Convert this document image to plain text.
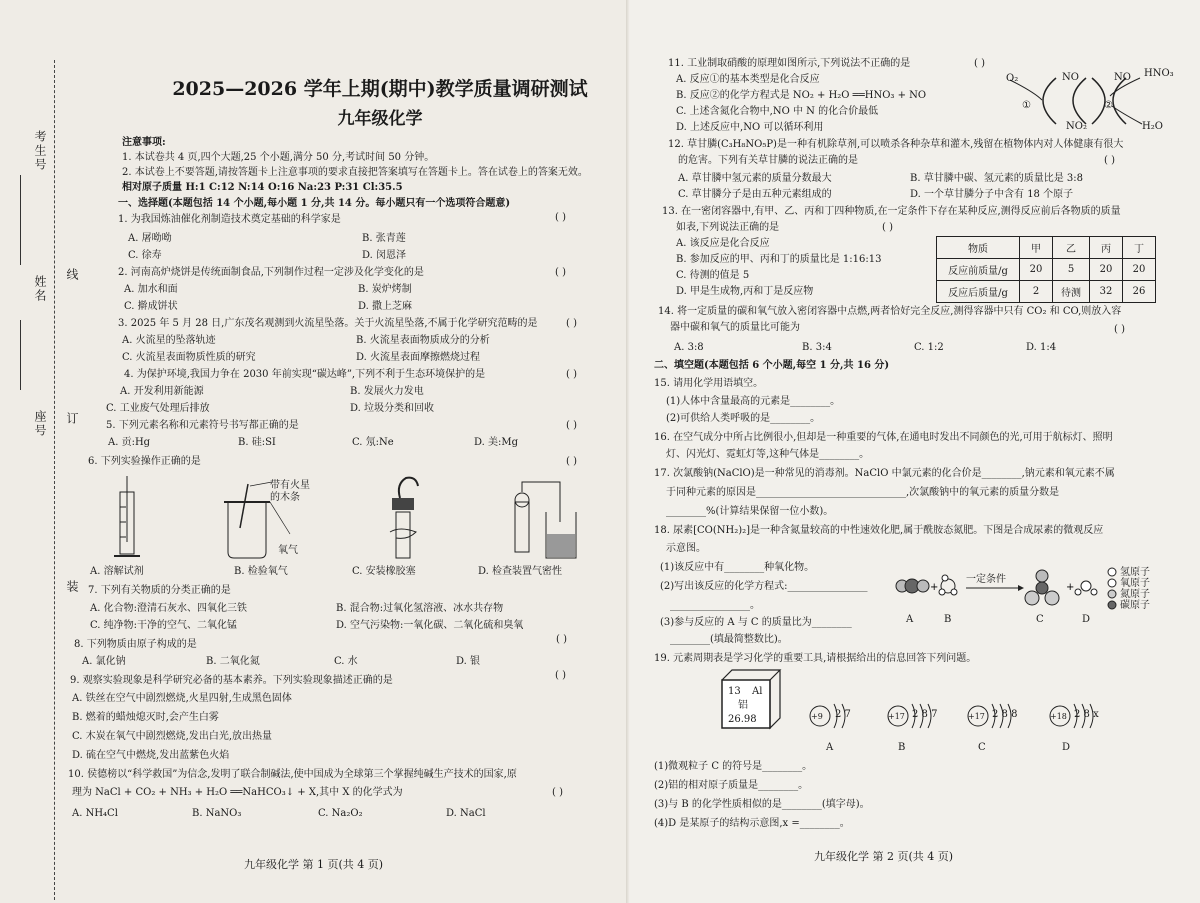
考生号
姓名
座号
线
订
装
2025—2026 学年上期(期中)教学质量调研测试
九年级化学
注意事项:
1. 本试卷共 4 页,四个大题,25 个小题,满分 50 分,考试时间 50 分钟。
2. 本试卷上不要答题,请按答题卡上注意事项的要求直接把答案填写在答题卡上。答在试卷上的答案无效。
相对原子质量 H:1 C:12 N:14 O:16 Na:23 P:31 Cl:35.5
一、选择题(本题包括 14 个小题,每小题 1 分,共 14 分。每小题只有一个选项符合题意)
1. 为我国炼油催化剂制造技术奠定基础的科学家是	( )
A. 屠呦呦	B. 张青莲
C. 徐寿	D. 闵恩泽
2. 河南高炉烧饼是传统面制食品,下列制作过程一定涉及化学变化的是	( )
A. 加水和面	B. 炭炉烤制
C. 擀成饼状	D. 撒上芝麻
3. 2025 年 5 月 28 日,广东茂名观测到火流星坠落。关于火流星坠落,不属于化学研究范畴的是	( )
A. 火流星的坠落轨迹	B. 火流星表面物质成分的分析
C. 火流星表面物质性质的研究	D. 火流星表面摩擦燃烧过程
4. 为保护环境,我国力争在 2030 年前实现“碳达峰”,下列不利于生态环境保护的是	( )
A. 开发利用新能源	B. 发展火力发电
C. 工业废气处理后排放	D. 垃圾分类和回收
5. 下列元素名称和元素符号书写都正确的是	( )
A. 贡:Hg	B. 硅:SI	C. 氖:Ne	D. 美:Mg
6. 下列实验操作正确的是	( )
带有火星
的木条
氧气
A. 溶解试剂	B. 检验氧气	C. 安装橡胶塞	D. 检查装置气密性
7. 下列有关物质的分类正确的是
A. 化合物:澄清石灰水、四氧化三铁	B. 混合物:过氧化氢溶液、冰水共存物
C. 纯净物:干净的空气、二氧化锰	D. 空气污染物:一氧化碳、二氧化硫和臭氧
8. 下列物质由原子构成的是	( )
A. 氯化钠	B. 二氧化氮	C. 水	D. 银
9. 观察实验现象是科学研究必备的基本素养。下列实验现象描述正确的是	( )
A. 铁丝在空气中剧烈燃烧,火星四射,生成黑色固体
B. 燃着的蜡烛熄灭时,会产生白雾
C. 木炭在氧气中剧烈燃烧,发出白光,放出热量
D. 硫在空气中燃烧,发出蓝紫色火焰
10. 侯德榜以“科学救国”为信念,发明了联合制碱法,使中国成为全球第三个掌握纯碱生产技术的国家,原
理为 NaCl + CO₂ + NH₃ + H₂O ══NaHCO₃↓ + X,其中 X 的化学式为	( )
A. NH₄Cl	B. NaNO₃	C. Na₂O₂	D. NaCl
九年级化学 第 1 页(共 4 页)
11. 工业制取硝酸的原理如图所示,下列说法不正确的是	( )
A. 反应①的基本类型是化合反应
B. 反应②的化学方程式是 NO₂ + H₂O ══HNO₃ + NO
C. 上述含氮化合物中,NO 中 N 的化合价最低
D. 上述反应中,NO 可以循环利用
O₂	NO
NO₂
NO HNO₃
H₂O
①	②
12. 草甘膦(C₃H₈NO₅P)是一种有机除草剂,可以喷杀各种杂草和灌木,残留在植物体内对人体健康有很大
的危害。下列有关草甘膦的说法正确的是	( )
A. 草甘膦中氢元素的质量分数最大	B. 草甘膦中碳、氢元素的质量比是 3:8
C. 草甘膦分子是由五种元素组成的	D. 一个草甘膦分子中含有 18 个原子
13. 在一密闭容器中,有甲、乙、丙和丁四种物质,在一定条件下存在某种反应,测得反应前后各物质的质量
如表,下列说法正确的是	( )
A. 该反应是化合反应
B. 参加反应的甲、丙和丁的质量比是 1:16:13
C. 待测的值是 5
D. 甲是生成物,丙和丁是反应物
物质	甲	乙	丙	丁
反应前质量/g	20	5	20	20
反应后质量/g	2	待测	32	26
14. 将一定质量的碳和氧气放入密闭容器中点燃,两者恰好完全反应,测得容器中只有 CO₂ 和 CO,则放入容
器中碳和氧气的质量比可能为	( )
A. 3:8	B. 3:4	C. 1:2	D. 1:4
二、填空题(本题包括 6 个小题,每空 1 分,共 16 分)
15. 请用化学用语填空。
(1)人体中含量最高的元素是________。
(2)可供给人类呼吸的是________。
16. 在空气成分中所占比例很小,但却是一种重要的气体,在通电时发出不同颜色的光,可用于航标灯、照明
灯、闪光灯、霓虹灯等,这种气体是________。
17. 次氯酸钠(NaClO)是一种常见的消毒剂。NaClO 中氯元素的化合价是________,钠元素和氧元素不属
于同种元素的原因是______________________________,次氯酸钠中的氧元素的质量分数是
________%(计算结果保留一位小数)。
18. 尿素[CO(NH₂)₂]是一种含氮量较高的中性速效化肥,属于酰胺态氮肥。下图是合成尿素的微观反应
示意图。
(1)该反应中有________种氧化物。
(2)写出该反应的化学方程式:________________
________________。
(3)参与反应的 A 与 C 的质量比为________
________(填最简整数比)。
+	+
一定条件
氢原子
氧原子
氮原子
碳原子
A	B	C	D
19. 元素周期表是学习化学的重要工具,请根据给出的信息回答下列问题。
13 Al
铝
26.98	+9 2 7	+17 2 8 7	+17 2 8 8	+18 2 8 x
A	B	C	D
(1)微观粒子 C 的符号是________。
(2)铝的相对原子质量是________。
(3)与 B 的化学性质相似的是________(填字母)。
(4)D 是某原子的结构示意图,x =________。
九年级化学 第 2 页(共 4 页)
